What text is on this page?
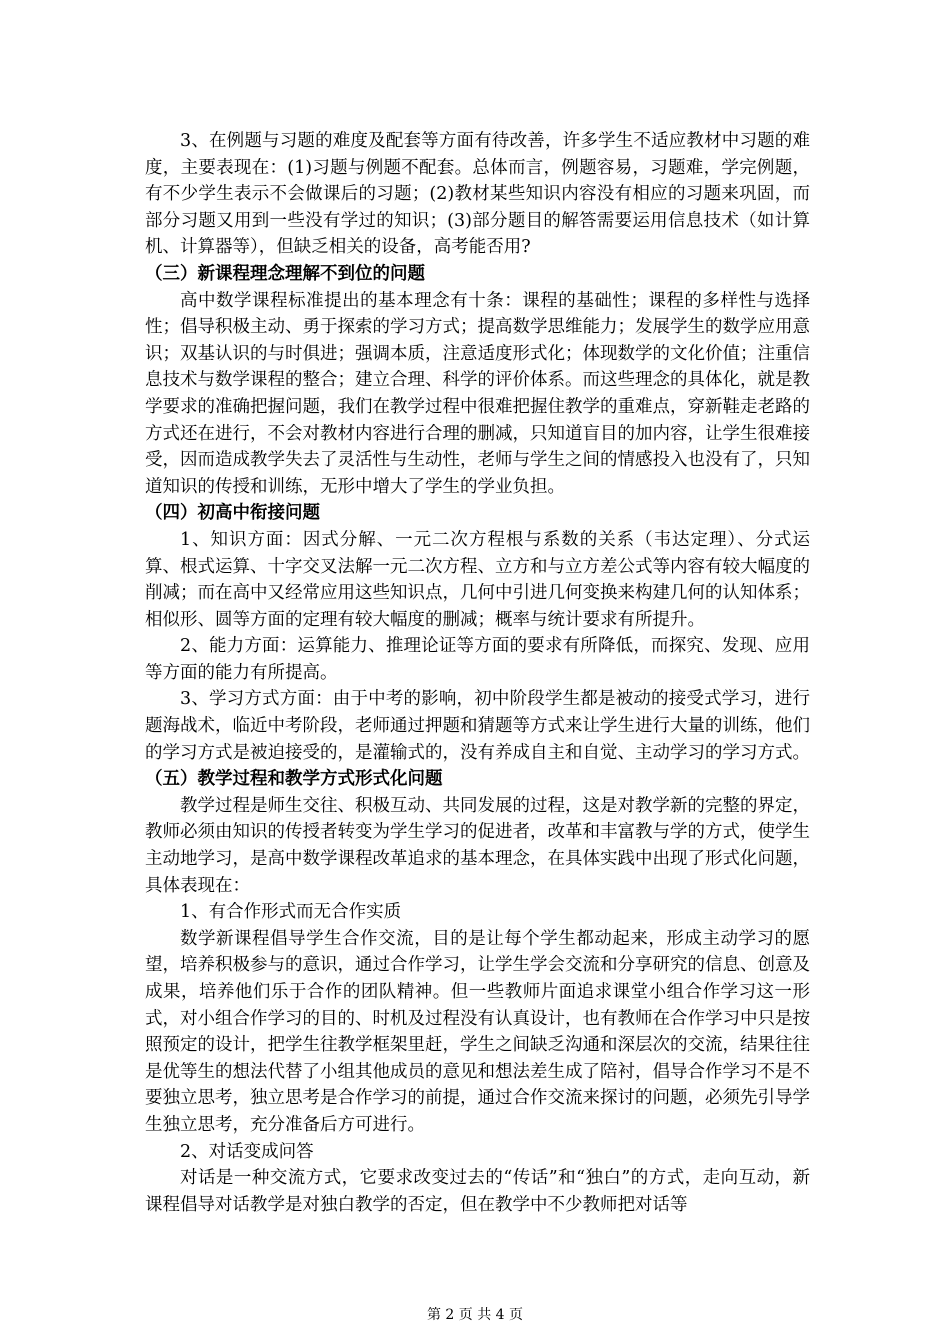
3、在例题与习题的难度及配套等方面有待改善，许多学生不适应教材中习题的难度，主要表现在：(1)习题与例题不配套。总体而言，例题容易，习题难，学完例题，有不少学生表示不会做课后的习题；(2)教材某些知识内容没有相应的习题来巩固，而部分习题又用到一些没有学过的知识；(3)部分题目的解答需要运用信息技术（如计算机、计算器等），但缺乏相关的设备，高考能否用?

（三）新课程理念理解不到位的问题

高中数学课程标准提出的基本理念有十条：课程的基础性；课程的多样性与选择性；倡导积极主动、勇于探索的学习方式；提高数学思维能力；发展学生的数学应用意识；双基认识的与时俱进；强调本质，注意适度形式化；体现数学的文化价值；注重信息技术与数学课程的整合；建立合理、科学的评价体系。而这些理念的具体化，就是教学要求的准确把握问题，我们在教学过程中很难把握住教学的重难点，穿新鞋走老路的方式还在进行，不会对教材内容进行合理的删减，只知道盲目的加内容，让学生很难接受，因而造成教学失去了灵活性与生动性，老师与学生之间的情感投入也没有了，只知道知识的传授和训练，无形中增大了学生的学业负担。

（四）初高中衔接问题

1、知识方面：因式分解、一元二次方程根与系数的关系（韦达定理）、分式运算、根式运算、十字交叉法解一元二次方程、立方和与立方差公式等内容有较大幅度的削减；而在高中又经常应用这些知识点，几何中引进几何变换来构建几何的认知体系；相似形、圆等方面的定理有较大幅度的删减；概率与统计要求有所提升。

2、能力方面：运算能力、推理论证等方面的要求有所降低，而探究、发现、应用等方面的能力有所提高。

3、学习方式方面：由于中考的影响，初中阶段学生都是被动的接受式学习，进行题海战术，临近中考阶段，老师通过押题和猜题等方式来让学生进行大量的训练，他们的学习方式是被迫接受的，是灌输式的，没有养成自主和自觉、主动学习的学习方式。

（五）教学过程和教学方式形式化问题

教学过程是师生交往、积极互动、共同发展的过程，这是对教学新的完整的界定，教师必须由知识的传授者转变为学生学习的促进者，改革和丰富教与学的方式，使学生主动地学习，是高中数学课程改革追求的基本理念，在具体实践中出现了形式化问题，具体表现在：

1、有合作形式而无合作实质

数学新课程倡导学生合作交流，目的是让每个学生都动起来，形成主动学习的愿望，培养积极参与的意识，通过合作学习，让学生学会交流和分享研究的信息、创意及成果，培养他们乐于合作的团队精神。但一些教师片面追求课堂小组合作学习这一形式，对小组合作学习的目的、时机及过程没有认真设计，也有教师在合作学习中只是按照预定的设计，把学生往教学框架里赶，学生之间缺乏沟通和深层次的交流，结果往往是优等生的想法代替了小组其他成员的意见和想法差生成了陪衬，倡导合作学习不是不要独立思考，独立思考是合作学习的前提，通过合作交流来探讨的问题，必须先引导学生独立思考，充分准备后方可进行。

2、对话变成问答

对话是一种交流方式，它要求改变过去的“传话”和“独白”的方式，走向互动，新课程倡导对话教学是对独白教学的否定，但在教学中不少教师把对话等

第 2 页 共 4 页
